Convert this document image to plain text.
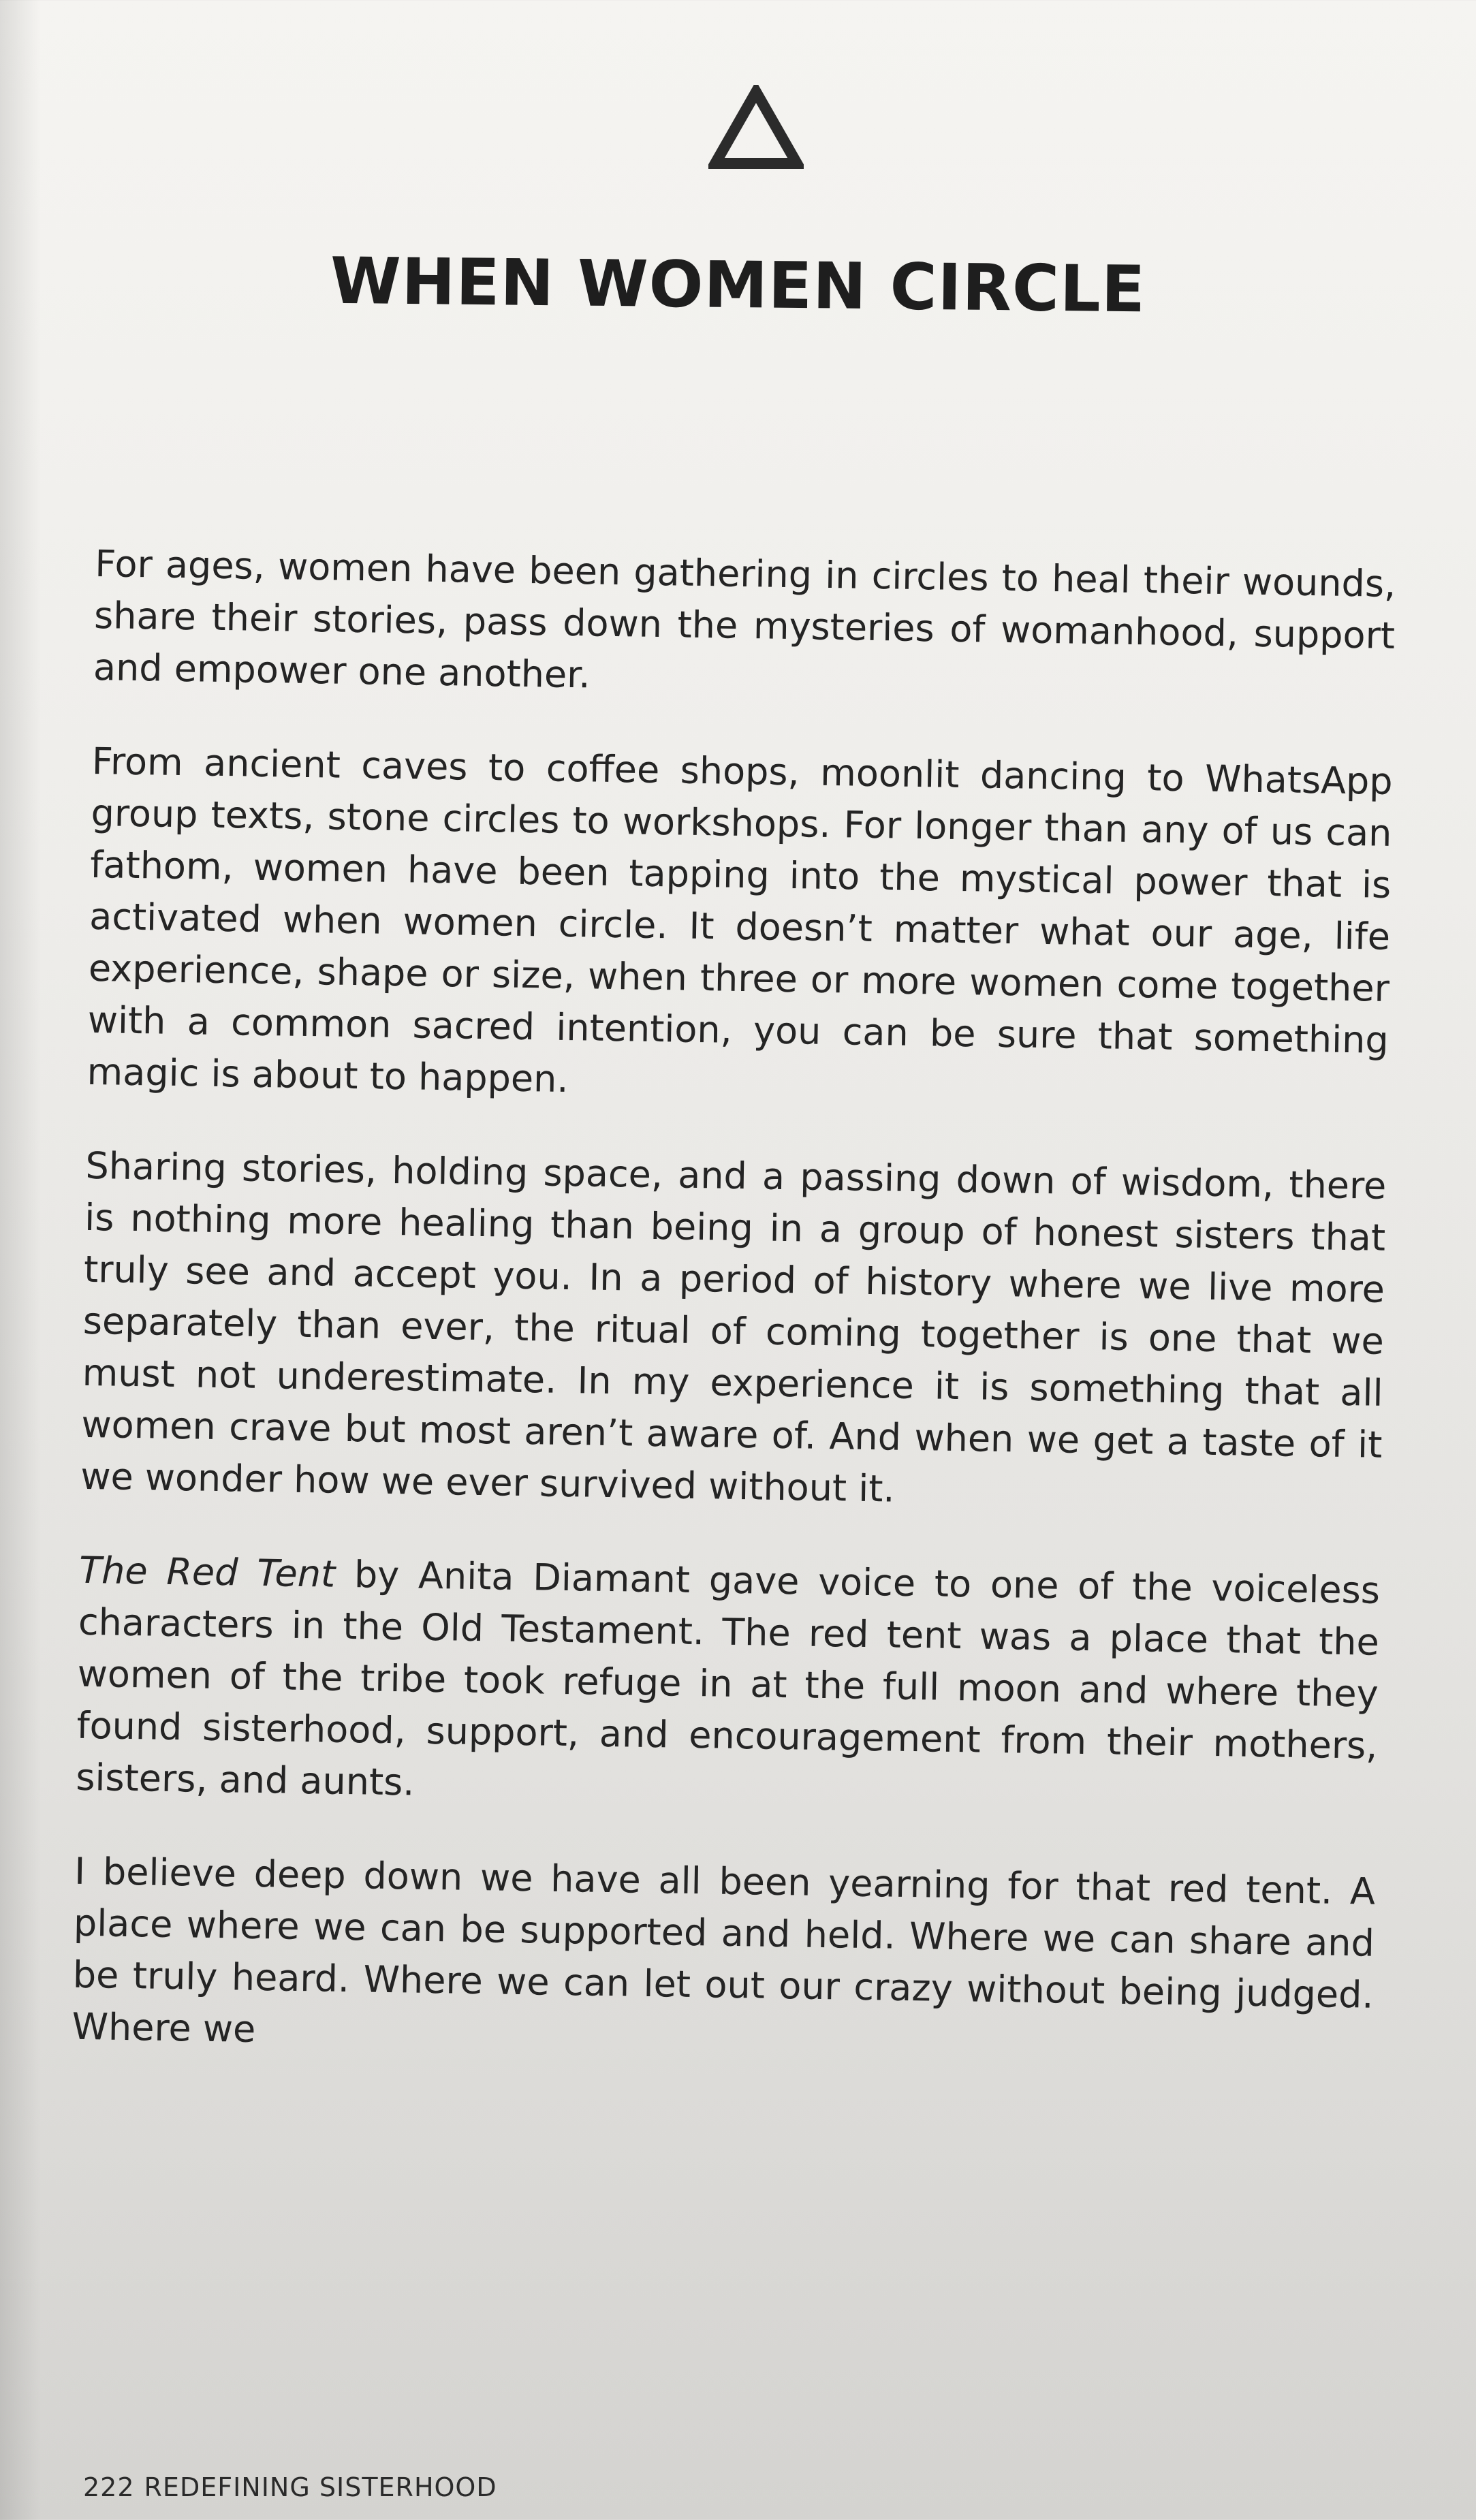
WHEN WOMEN CIRCLE

For ages, women have been gathering in circles to heal their wounds, share their stories, pass down the mysteries of womanhood, support and empower one another.

From ancient caves to coffee shops, moonlit dancing to WhatsApp group texts, stone circles to workshops. For longer than any of us can fathom, women have been tapping into the mystical power that is activated when women circle. It doesn’t matter what our age, life experience, shape or size, when three or more women come together with a common sacred intention, you can be sure that something magic is about to happen.

Sharing stories, holding space, and a passing down of wisdom, there is nothing more healing than being in a group of honest sisters that truly see and accept you. In a period of history where we live more separately than ever, the ritual of coming together is one that we must not underestimate. In my experience it is something that all women crave but most aren’t aware of. And when we get a taste of it we wonder how we ever survived without it.

The Red Tent by Anita Diamant gave voice to one of the voiceless characters in the Old Testament. The red tent was a place that the women of the tribe took refuge in at the full moon and where they found sisterhood, support, and encouragement from their mothers, sisters, and aunts.

I believe deep down we have all been yearning for that red tent. A place where we can be supported and held. Where we can share and be truly heard. Where we can let out our crazy without being judged. Where we

222 REDEFINING SISTERHOOD
